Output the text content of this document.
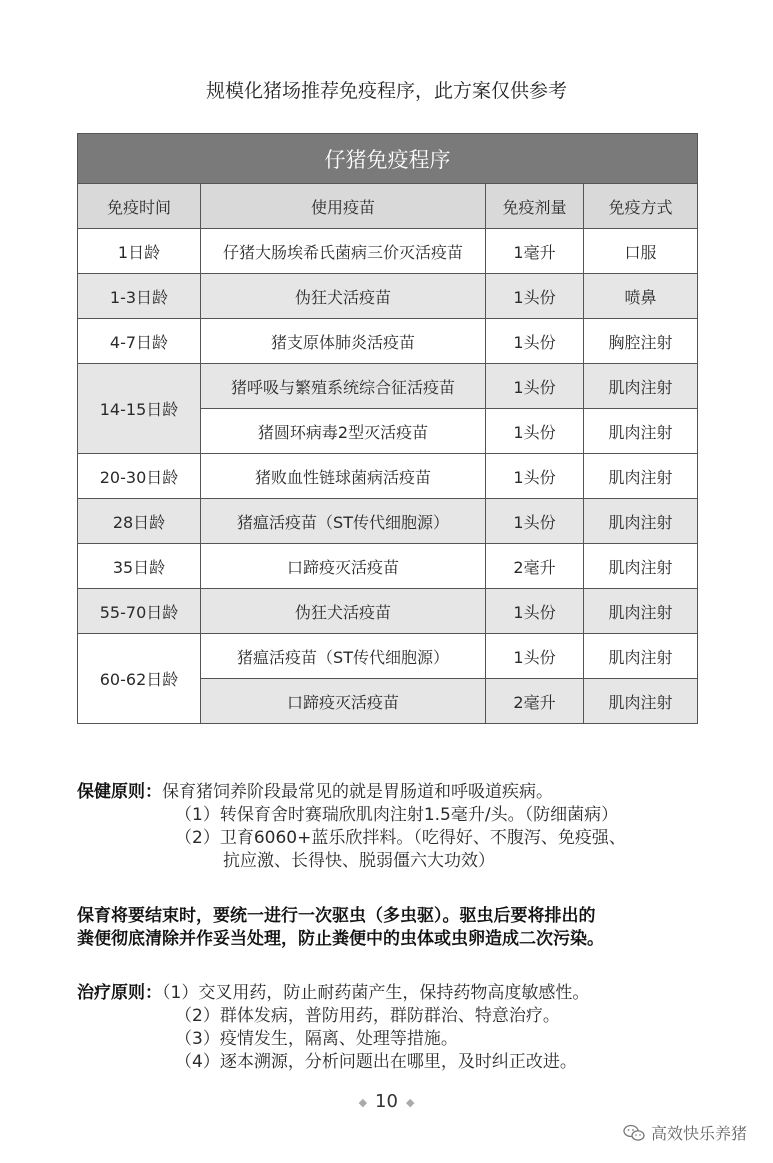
规模化猪场推荐免疫程序，此方案仅供参考
仔猪免疫程序			
免疫时间	使用疫苗	免疫剂量	免疫方式
1日龄	仔猪大肠埃希氏菌病三价灭活疫苗	1毫升	口服
1-3日龄	伪狂犬活疫苗	1头份	喷鼻
4-7日龄	猪支原体肺炎活疫苗	1头份	胸腔注射
14-15日龄	猪呼吸与繁殖系统综合征活疫苗	1头份	肌肉注射
	猪圆环病毒2型灭活疫苗	1头份	肌肉注射
20-30日龄	猪败血性链球菌病活疫苗	1头份	肌肉注射
28日龄	猪瘟活疫苗（ST传代细胞源）	1头份	肌肉注射
35日龄	口蹄疫灭活疫苗	2毫升	肌肉注射
55-70日龄	伪狂犬活疫苗	1头份	肌肉注射
60-62日龄	猪瘟活疫苗（ST传代细胞源）	1头份	肌肉注射
	口蹄疫灭活疫苗	2毫升	肌肉注射
保健原则：保育猪饲养阶段最常见的就是胃肠道和呼吸道疾病。
（1）转保育舍时赛瑞欣肌肉注射1.5毫升/头。（防细菌病）
（2）卫育6060+蓝乐欣拌料。（吃得好、不腹泻、免疫强、
抗应激、长得快、脱弱僵六大功效）
保育将要结束时，要统一进行一次驱虫（多虫驱）。驱虫后要将排出的
粪便彻底清除并作妥当处理，防止粪便中的虫体或虫卵造成二次污染。
治疗原则：（1）交叉用药，防止耐药菌产生，保持药物高度敏感性。
（2）群体发病，普防用药，群防群治、特意治疗。
（3）疫情发生，隔离、处理等措施。
（4）逐本溯源，分析问题出在哪里，及时纠正改进。
◆ 10 ◆
高效快乐养猪
